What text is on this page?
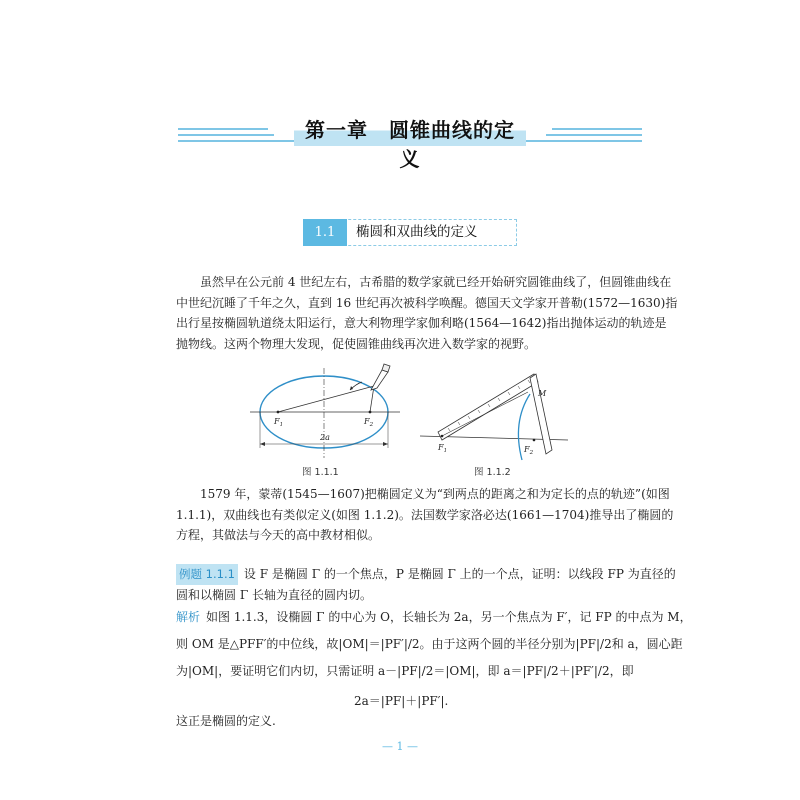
第一章　圆锥曲线的定义
1.1	椭圆和双曲线的定义
虽然早在公元前 4 世纪左右，古希腊的数学家就已经开始研究圆锥曲线了，但圆锥曲线在
中世纪沉睡了千年之久，直到 16 世纪再次被科学唤醒。德国天文学家开普勒(1572—1630)指
出行星按椭圆轨道绕太阳运行，意大利物理学家伽利略(1564—1642)指出抛体运动的轨迹是
抛物线。这两个物理大发现，促使圆锥曲线再次进入数学家的视野。
$F_1$	$F_2$
2a
图 1.1.1
M
$F_1$	$F_2$
图 1.1.2
1579 年，蒙蒂(1545—1607)把椭圆定义为“到两点的距离之和为定长的点的轨迹”(如图
1.1.1)，双曲线也有类似定义(如图 1.1.2)。法国数学家洛必达(1661—1704)推导出了椭圆的
方程，其做法与今天的高中教材相似。
例题 1.1.1 设 F 是椭圆 Γ 的一个焦点，P 是椭圆 Γ 上的一个点，证明：以线段 FP 为直径的
圆和以椭圆 Γ 长轴为直径的圆内切。
解析 如图 1.1.3，设椭圆 Γ 的中心为 O，长轴长为 2a，另一个焦点为 F′，记 FP 的中点为 M，
则 OM 是△PFF′的中位线，故|OM|＝|PF′|/2。由于这两个圆的半径分别为|PF|/2和 a，圆心距
为|OM|，要证明它们内切，只需证明 a－|PF|/2＝|OM|，即 a＝|PF|/2＋|PF′|/2，即
2a＝|PF|＋|PF′|.
这正是椭圆的定义.
— 1 —
